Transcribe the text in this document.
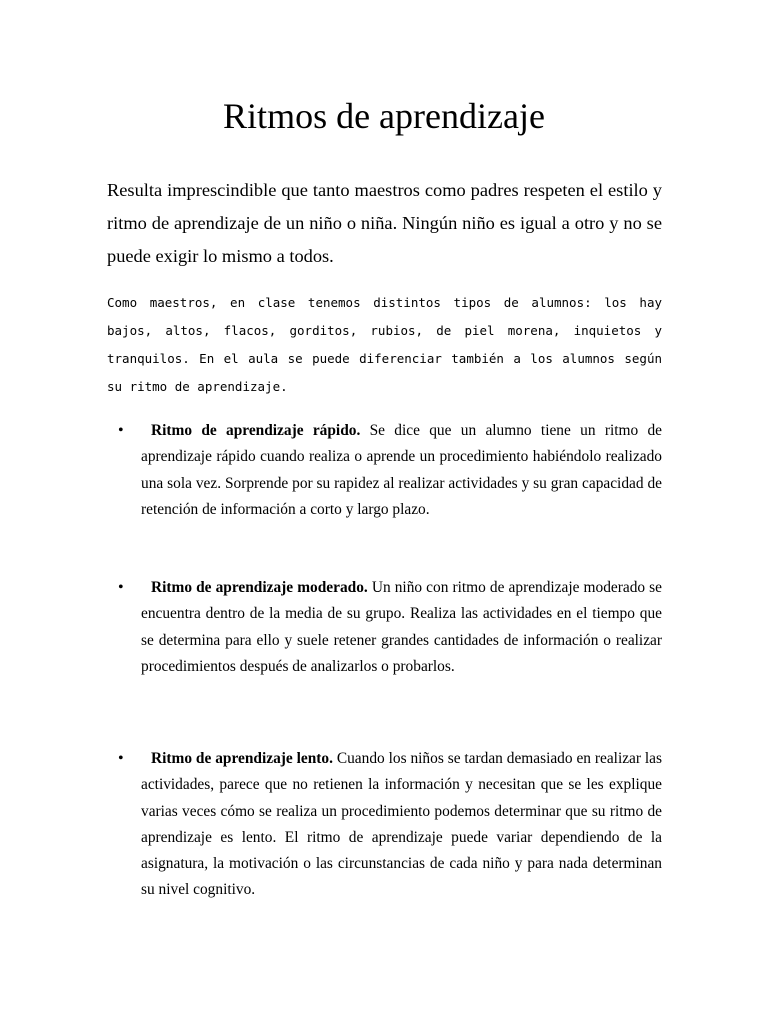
Ritmos de aprendizaje

Resulta imprescindible que tanto maestros como padres respeten el estilo y ritmo de aprendizaje de un niño o niña. Ningún niño es igual a otro y no se puede exigir lo mismo a todos.

Como maestros, en clase tenemos distintos tipos de alumnos: los hay bajos, altos, flacos, gorditos, rubios, de piel morena, inquietos y tranquilos. En el aula se puede diferenciar también a los alumnos según su ritmo de aprendizaje.

•	Ritmo de aprendizaje rápido. Se dice que un alumno tiene un ritmo de aprendizaje rápido cuando realiza o aprende un procedimiento habiéndolo realizado una sola vez. Sorprende por su rapidez al realizar actividades y su gran capacidad de retención de información a corto y largo plazo.

•	Ritmo de aprendizaje moderado. Un niño con ritmo de aprendizaje moderado se encuentra dentro de la media de su grupo. Realiza las actividades en el tiempo que se determina para ello y suele retener grandes cantidades de información o realizar procedimientos después de analizarlos o probarlos.

•	Ritmo de aprendizaje lento. Cuando los niños se tardan demasiado en realizar las actividades, parece que no retienen la información y necesitan que se les explique varias veces cómo se realiza un procedimiento podemos determinar que su ritmo de aprendizaje es lento. El ritmo de aprendizaje puede variar dependiendo de la asignatura, la motivación o las circunstancias de cada niño y para nada determinan su nivel cognitivo.
